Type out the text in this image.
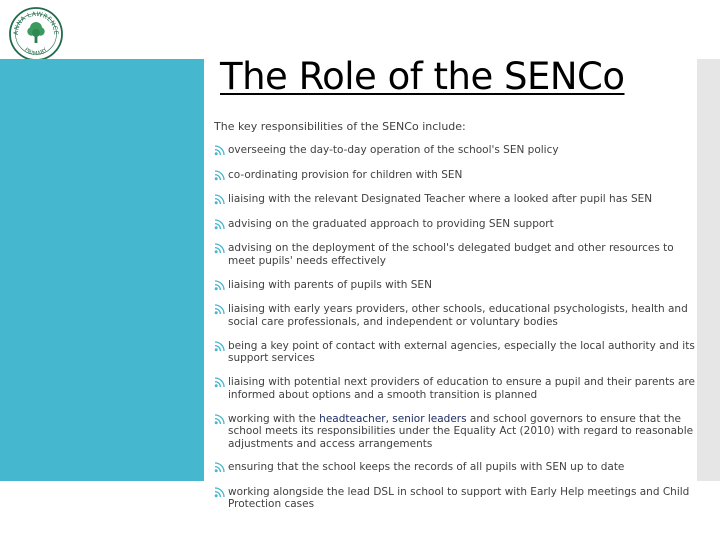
ANNA LAWRENCE
PRIMARY
The Role of the SENCo

The key responsibilities of the SENCo include:

overseeing the day-to-day operation of the school's SEN policy
co-ordinating provision for children with SEN
liaising with the relevant Designated Teacher where a looked after pupil has SEN
advising on the graduated approach to providing SEN support
advising on the deployment of the school's delegated budget and other resources to meet pupils' needs effectively
liaising with parents of pupils with SEN
liaising with early years providers, other schools, educational psychologists, health and social care professionals, and independent or voluntary bodies
being a key point of contact with external agencies, especially the local authority and its support services
liaising with potential next providers of education to ensure a pupil and their parents are informed about options and a smooth transition is planned
working with the headteacher, senior leaders and school governors to ensure that the school meets its responsibilities under the Equality Act (2010) with regard to reasonable adjustments and access arrangements
ensuring that the school keeps the records of all pupils with SEN up to date
working alongside the lead DSL in school to support with Early Help meetings and Child Protection cases
